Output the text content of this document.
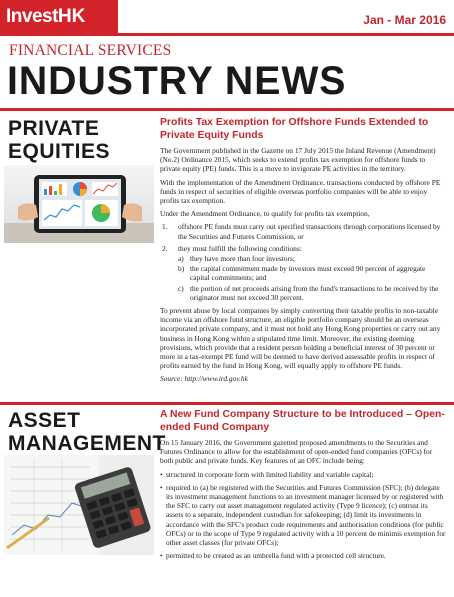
InvestHK	Jan - Mar 2016
FINANCIAL SERVICES
INDUSTRY NEWS
PRIVATE
EQUITIES
Profits Tax Exemption for Offshore Funds Extended to Private Equity Funds

The Government published in the Gazette on 17 July 2015 the Inland Revenue (Amendment) (No.2) Ordinance 2015, which seeks to extend profits tax exemption for offshore funds to private equity (PE) funds. This is a move to invigorate PE activities in the territory.

With the implementation of the Amendment Ordinance, transactions conducted by offshore PE funds in respect of securities of eligible overseas portfolio companies will be able to enjoy profits tax exemption.

Under the Amendment Ordinance, to qualify for profits tax exemption,

1. offshore PE funds must carry out specified transactions through corporations licensed by the Securities and Futures Commission, or
2. they must fulfill the following conditions:
a) they have more than four investors;
b) the capital commitment made by investors must exceed 90 percent of aggregate capital commitments; and
c) the portion of net proceeds arising from the fund's transactions to be received by the originator must not exceed 30 percent.

To prevent abuse by local companies by simply converting their taxable profits to non-taxable income via an offshore fund structure, an eligible portfolio company should be an overseas incorporated private company, and it must not hold any Hong Kong properties or carry out any business in Hong Kong within a stipulated time limit. Moreover, the existing deeming provisions, which provide that a resident person holding a beneficial interest of 30 percent or more in a tax-exempt PE fund will be deemed to have derived assessable profits in respect of profits earned by the fund in Hong Kong, will equally apply to offshore PE funds.

Source: http://www.ird.gov.hk

ASSET
MANAGEMENT
A New Fund Company Structure to be Introduced – Open-ended Fund Company

On 15 January 2016, the Government gazetted proposed amendments to the Securities and Futures Ordinance to allow for the establishment of open-ended fund companies (OFCs) for both public and private funds. Key features of an OFC include being:

• structured in corporate form with limited liability and variable capital;
• required to (a) be registered with the Securities and Futures Commission (SFC); (b) delegate its investment management functions to an investment manager licensed by or registered with the SFC to carry out asset management regulated activity (Type 9 licence); (c) entrust its assets to a separate, independent custodian for safekeeping; (d) limit its investments in accordance with the SFC's product code requirements and authorisation conditions (for public OFCs) or to the scope of Type 9 regulated activity with a 10 percent de minimis exemption for other asset classes (for private OFCs);
• permitted to be created as an umbrella fund with a protected cell structure.
